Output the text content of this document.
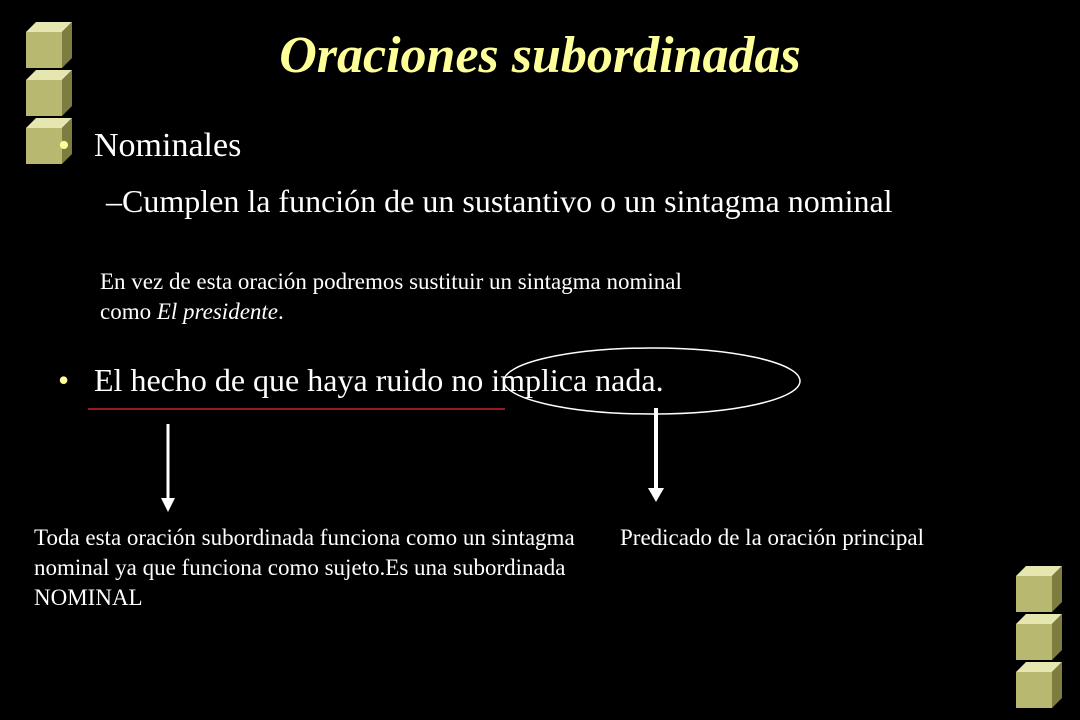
Oraciones subordinadas
• Nominales
–Cumplen la función de un sustantivo o un sintagma nominal
En vez de esta oración podremos sustituir un sintagma nominal como El presidente.
• El hecho de que haya ruido no implica nada.
Toda esta oración subordinada funciona como un sintagma nominal ya que funciona como sujeto.Es una subordinada NOMINAL
Predicado de la oración principal
